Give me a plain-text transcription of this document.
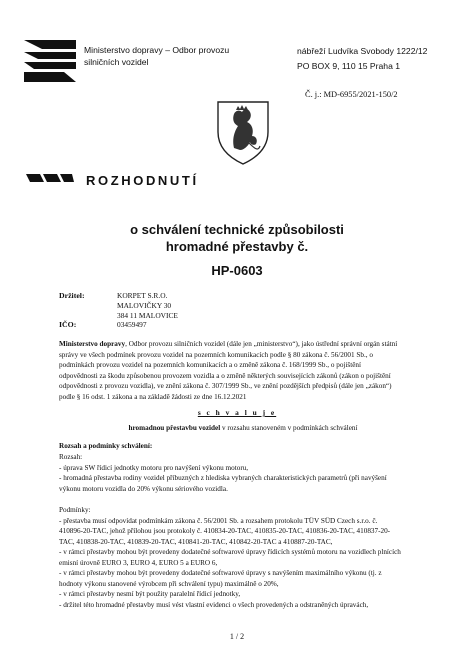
Ministerstvo dopravy – Odbor provozu
silničních vozidel
nábřeží Ludvíka Svobody 1222/12
PO BOX 9, 110 15 Praha 1
Č. j.: MD-6955/2021-150/2
ROZHODNUTÍ
o schválení technické způsobilosti
hromadné přestavby č.
HP-0603
Držitel:	KORPET S.R.O.
MALOVIČKY 30
384 11 MALOVICE
IČO:	03459497
Ministerstvo dopravy, Odbor provozu silničních vozidel (dále jen „ministerstvo“), jako ústřední správní orgán státní
správy ve všech podmínek provozu vozidel na pozemních komunikacích podle § 80 zákona č. 56/2001 Sb., o
podmínkách provozu vozidel na pozemních komunikacích a o změně zákona č. 168/1999 Sb., o pojištění
odpovědnosti za škodu způsobenou provozem vozidla a o změně některých souvisejících zákonů (zákon o pojištění
odpovědnosti z provozu vozidla), ve znění zákona č. 307/1999 Sb., ve znění pozdějších předpisů (dále jen „zákon“)
podle § 16 odst. 1 zákona a na základě žádosti ze dne 16.12.2021
s c h v a l u j e
hromadnou přestavbu vozidel v rozsahu stanoveném v podmínkách schválení
Rozsah a podmínky schválení:
Rozsah:
- úprava SW řídicí jednotky motoru pro navýšení výkonu motoru,
- hromadná přestavba rodiny vozidel příbuzných z hlediska vybraných charakteristických parametrů (při navýšení
výkonu motoru vozidla do 20% výkonu sériového vozidla.
Podmínky:
- přestavba musí odpovídat podmínkám zákona č. 56/2001 Sb. a rozsahem protokolu TÜV SÜD Czech s.r.o. č.
410896-20-TAC, jehož přílohou jsou protokoly č. 410834-20-TAC, 410835-20-TAC, 410836-20-TAC, 410837-20-
TAC, 410838-20-TAC, 410839-20-TAC, 410841-20-TAC, 410842-20-TAC a 410887-20-TAC,
- v rámci přestavby mohou být provedeny dodatečné softwarové úpravy řídicích systémů motoru na vozidlech plnících
emisní úrovně EURO 3, EURO 4, EURO 5 a EURO 6,
- v rámci přestavby mohou být provedeny dodatečné softwarové úpravy s navýšením maximálního výkonu (tj. z
hodnoty výkonu stanovené výrobcem při schválení typu) maximálně o 20%,
- v rámci přestavby nesmí být použity paralelní řídicí jednotky,
- držitel této hromadné přestavby musí vést vlastní evidenci o všech provedených a odstraněných úpravách,
1 / 2
